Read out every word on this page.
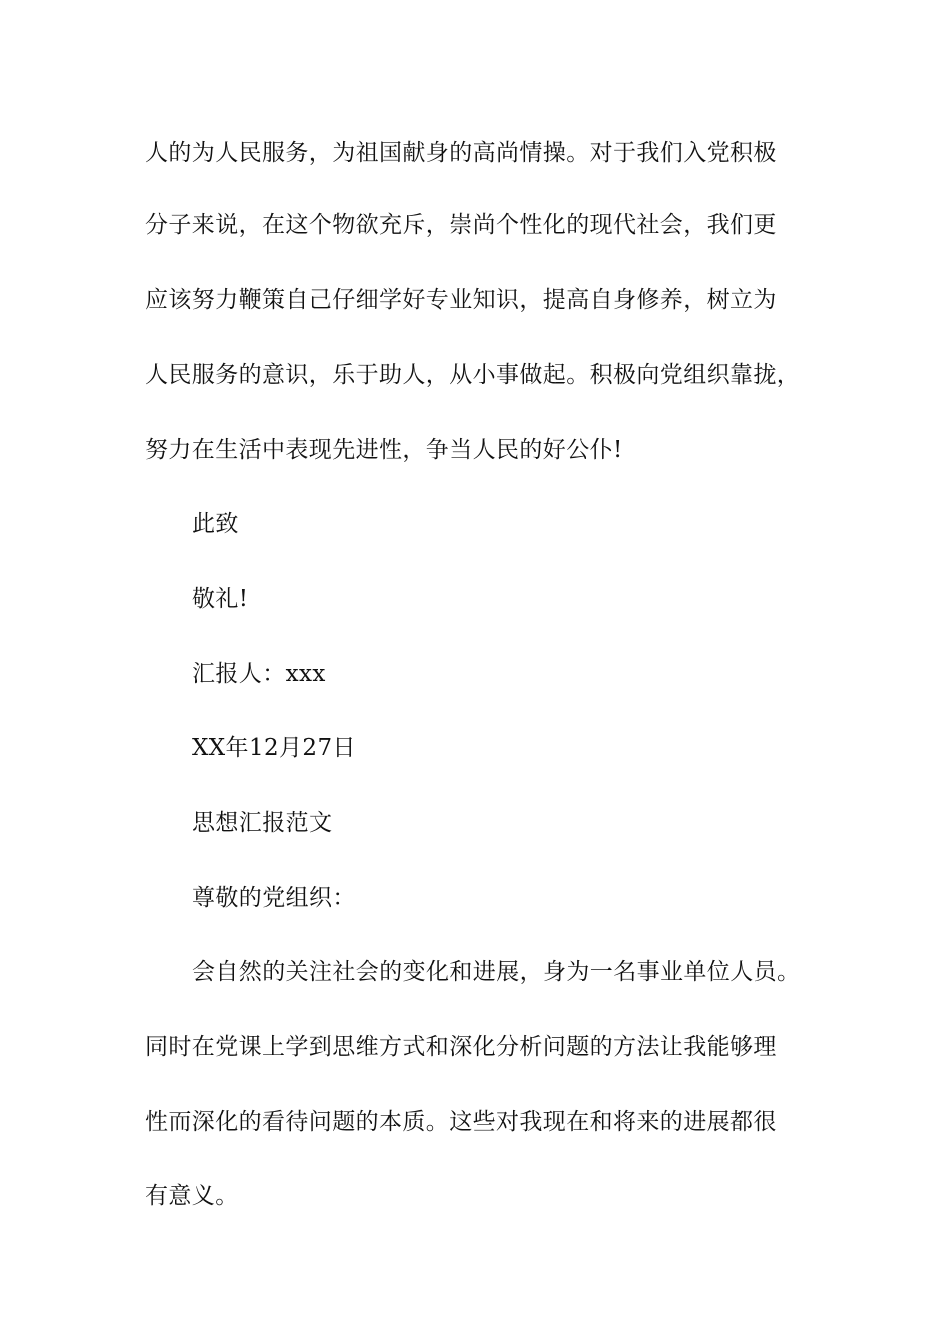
人的为人民服务，为祖国献身的高尚情操。对于我们入党积极
分子来说，在这个物欲充斥，崇尚个性化的现代社会，我们更
应该努力鞭策自己仔细学好专业知识，提高自身修养，树立为
人民服务的意识，乐于助人，从小事做起。积极向党组织靠拢，
努力在生活中表现先进性，争当人民的好公仆!
此致
敬礼!
汇报人：xxx
XX年12月27日
思想汇报范文
尊敬的党组织：
会自然的关注社会的变化和进展，身为一名事业单位人员。
同时在党课上学到思维方式和深化分析问题的方法让我能够理
性而深化的看待问题的本质。这些对我现在和将来的进展都很
有意义。
